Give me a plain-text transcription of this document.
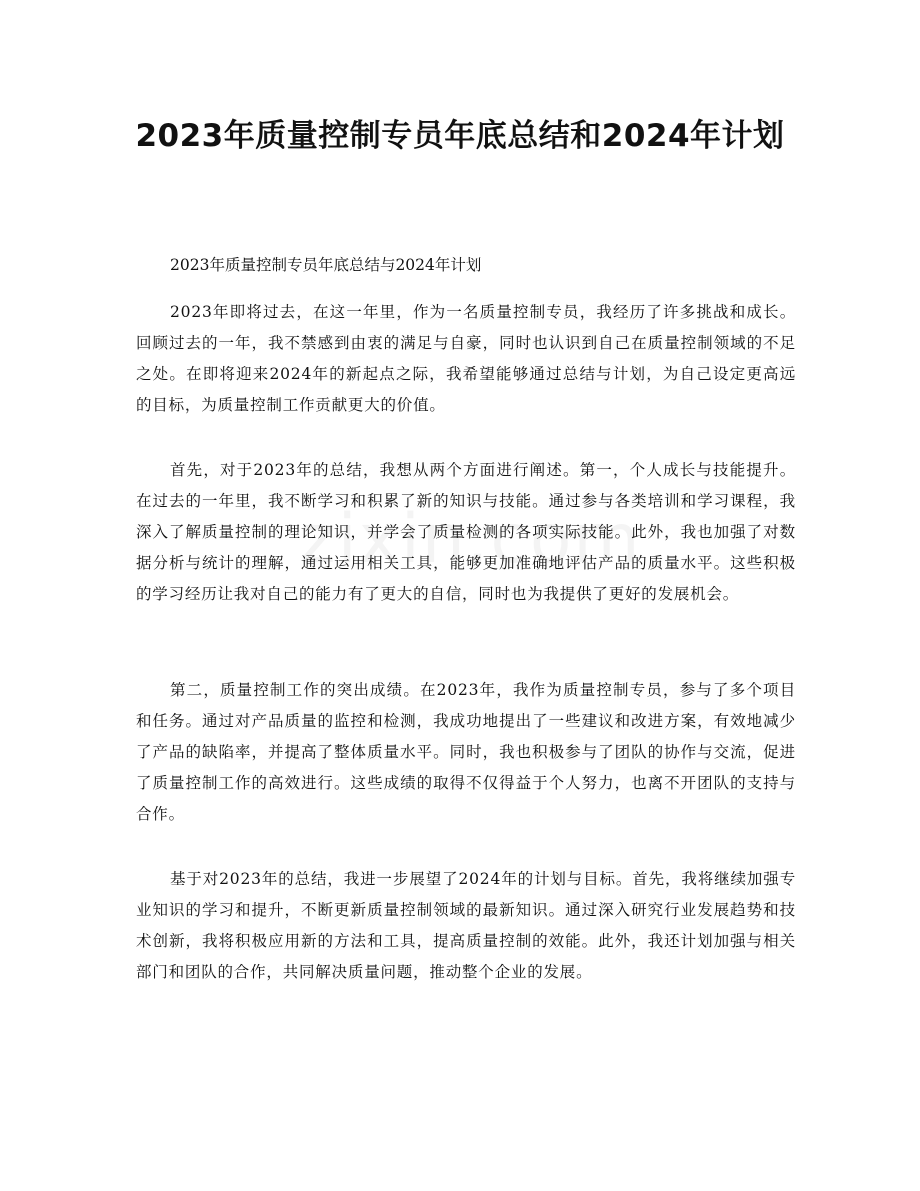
2023年质量控制专员年底总结和2024年计划

2023年质量控制专员年底总结与2024年计划

2023年即将过去，在这一年里，作为一名质量控制专员，我经历了许多挑战和成长。回顾过去的一年，我不禁感到由衷的满足与自豪，同时也认识到自己在质量控制领域的不足之处。在即将迎来2024年的新起点之际，我希望能够通过总结与计划，为自己设定更高远的目标，为质量控制工作贡献更大的价值。

首先，对于2023年的总结，我想从两个方面进行阐述。第一，个人成长与技能提升。在过去的一年里，我不断学习和积累了新的知识与技能。通过参与各类培训和学习课程，我深入了解质量控制的理论知识，并学会了质量检测的各项实际技能。此外，我也加强了对数据分析与统计的理解，通过运用相关工具，能够更加准确地评估产品的质量水平。这些积极的学习经历让我对自己的能力有了更大的自信，同时也为我提供了更好的发展机会。

第二，质量控制工作的突出成绩。在2023年，我作为质量控制专员，参与了多个项目和任务。通过对产品质量的监控和检测，我成功地提出了一些建议和改进方案，有效地减少了产品的缺陷率，并提高了整体质量水平。同时，我也积极参与了团队的协作与交流，促进了质量控制工作的高效进行。这些成绩的取得不仅得益于个人努力，也离不开团队的支持与合作。

基于对2023年的总结，我进一步展望了2024年的计划与目标。首先，我将继续加强专业知识的学习和提升，不断更新质量控制领域的最新知识。通过深入研究行业发展趋势和技术创新，我将积极应用新的方法和工具，提高质量控制的效能。此外，我还计划加强与相关部门和团队的合作，共同解决质量问题，推动整个企业的发展。
